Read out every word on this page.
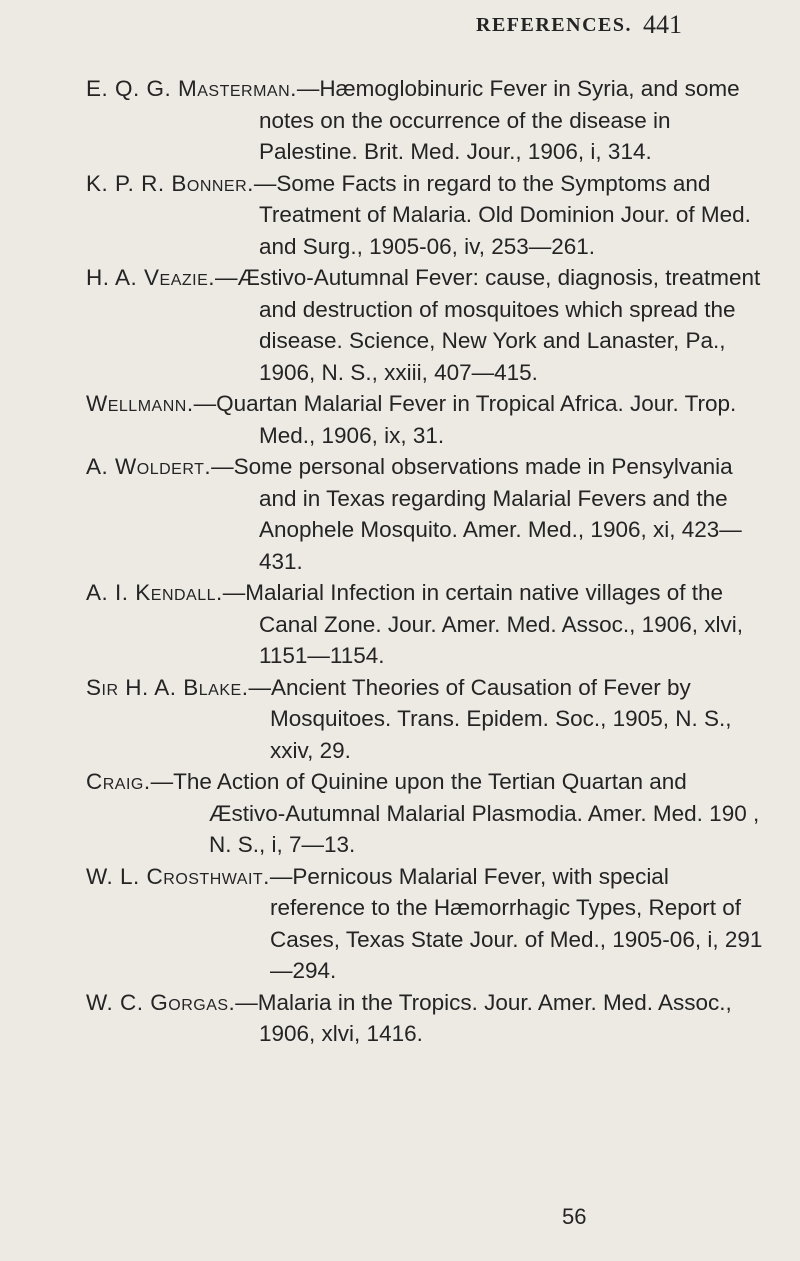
REFERENCES. 441

E. Q. G. Masterman.—Hæmoglobinuric Fever in Syria, and some notes on the occurrence of the disease in Palestine. Brit. Med. Jour., 1906, i, 314.

K. P. R. Bonner.—Some Facts in regard to the Symptoms and Treatment of Malaria. Old Dominion Jour. of Med. and Surg., 1905-06, iv, 253—261.

H. A. Veazie.—Æstivo-Autumnal Fever: cause, diagnosis, treatment and destruction of mosquitoes which spread the disease. Science, New York and Lanaster, Pa., 1906, N. S., xxiii, 407—415.

Wellmann.—Quartan Malarial Fever in Tropical Africa. Jour. Trop. Med., 1906, ix, 31.

A. Woldert.—Some personal observations made in Pensylvania and in Texas regarding Malarial Fevers and the Anophele Mosquito. Amer. Med., 1906, xi, 423—431.

A. I. Kendall.—Malarial Infection in certain native villages of the Canal Zone. Jour. Amer. Med. Assoc., 1906, xlvi, 1151—1154.

Sir H. A. Blake.—Ancient Theories of Causation of Fever by Mosquitoes. Trans. Epidem. Soc., 1905, N. S., xxiv, 29.

Craig.—The Action of Quinine upon the Tertian Quartan and Æstivo-Autumnal Malarial Plasmodia. Amer. Med. 190 , N. S., i, 7—13.

W. L. Crosthwait.—Pernicous Malarial Fever, with special reference to the Hæmorrhagic Types, Report of Cases, Texas State Jour. of Med., 1905-06, i, 291—294.

W. C. Gorgas.—Malaria in the Tropics. Jour. Amer. Med. Assoc., 1906, xlvi, 1416.

56
